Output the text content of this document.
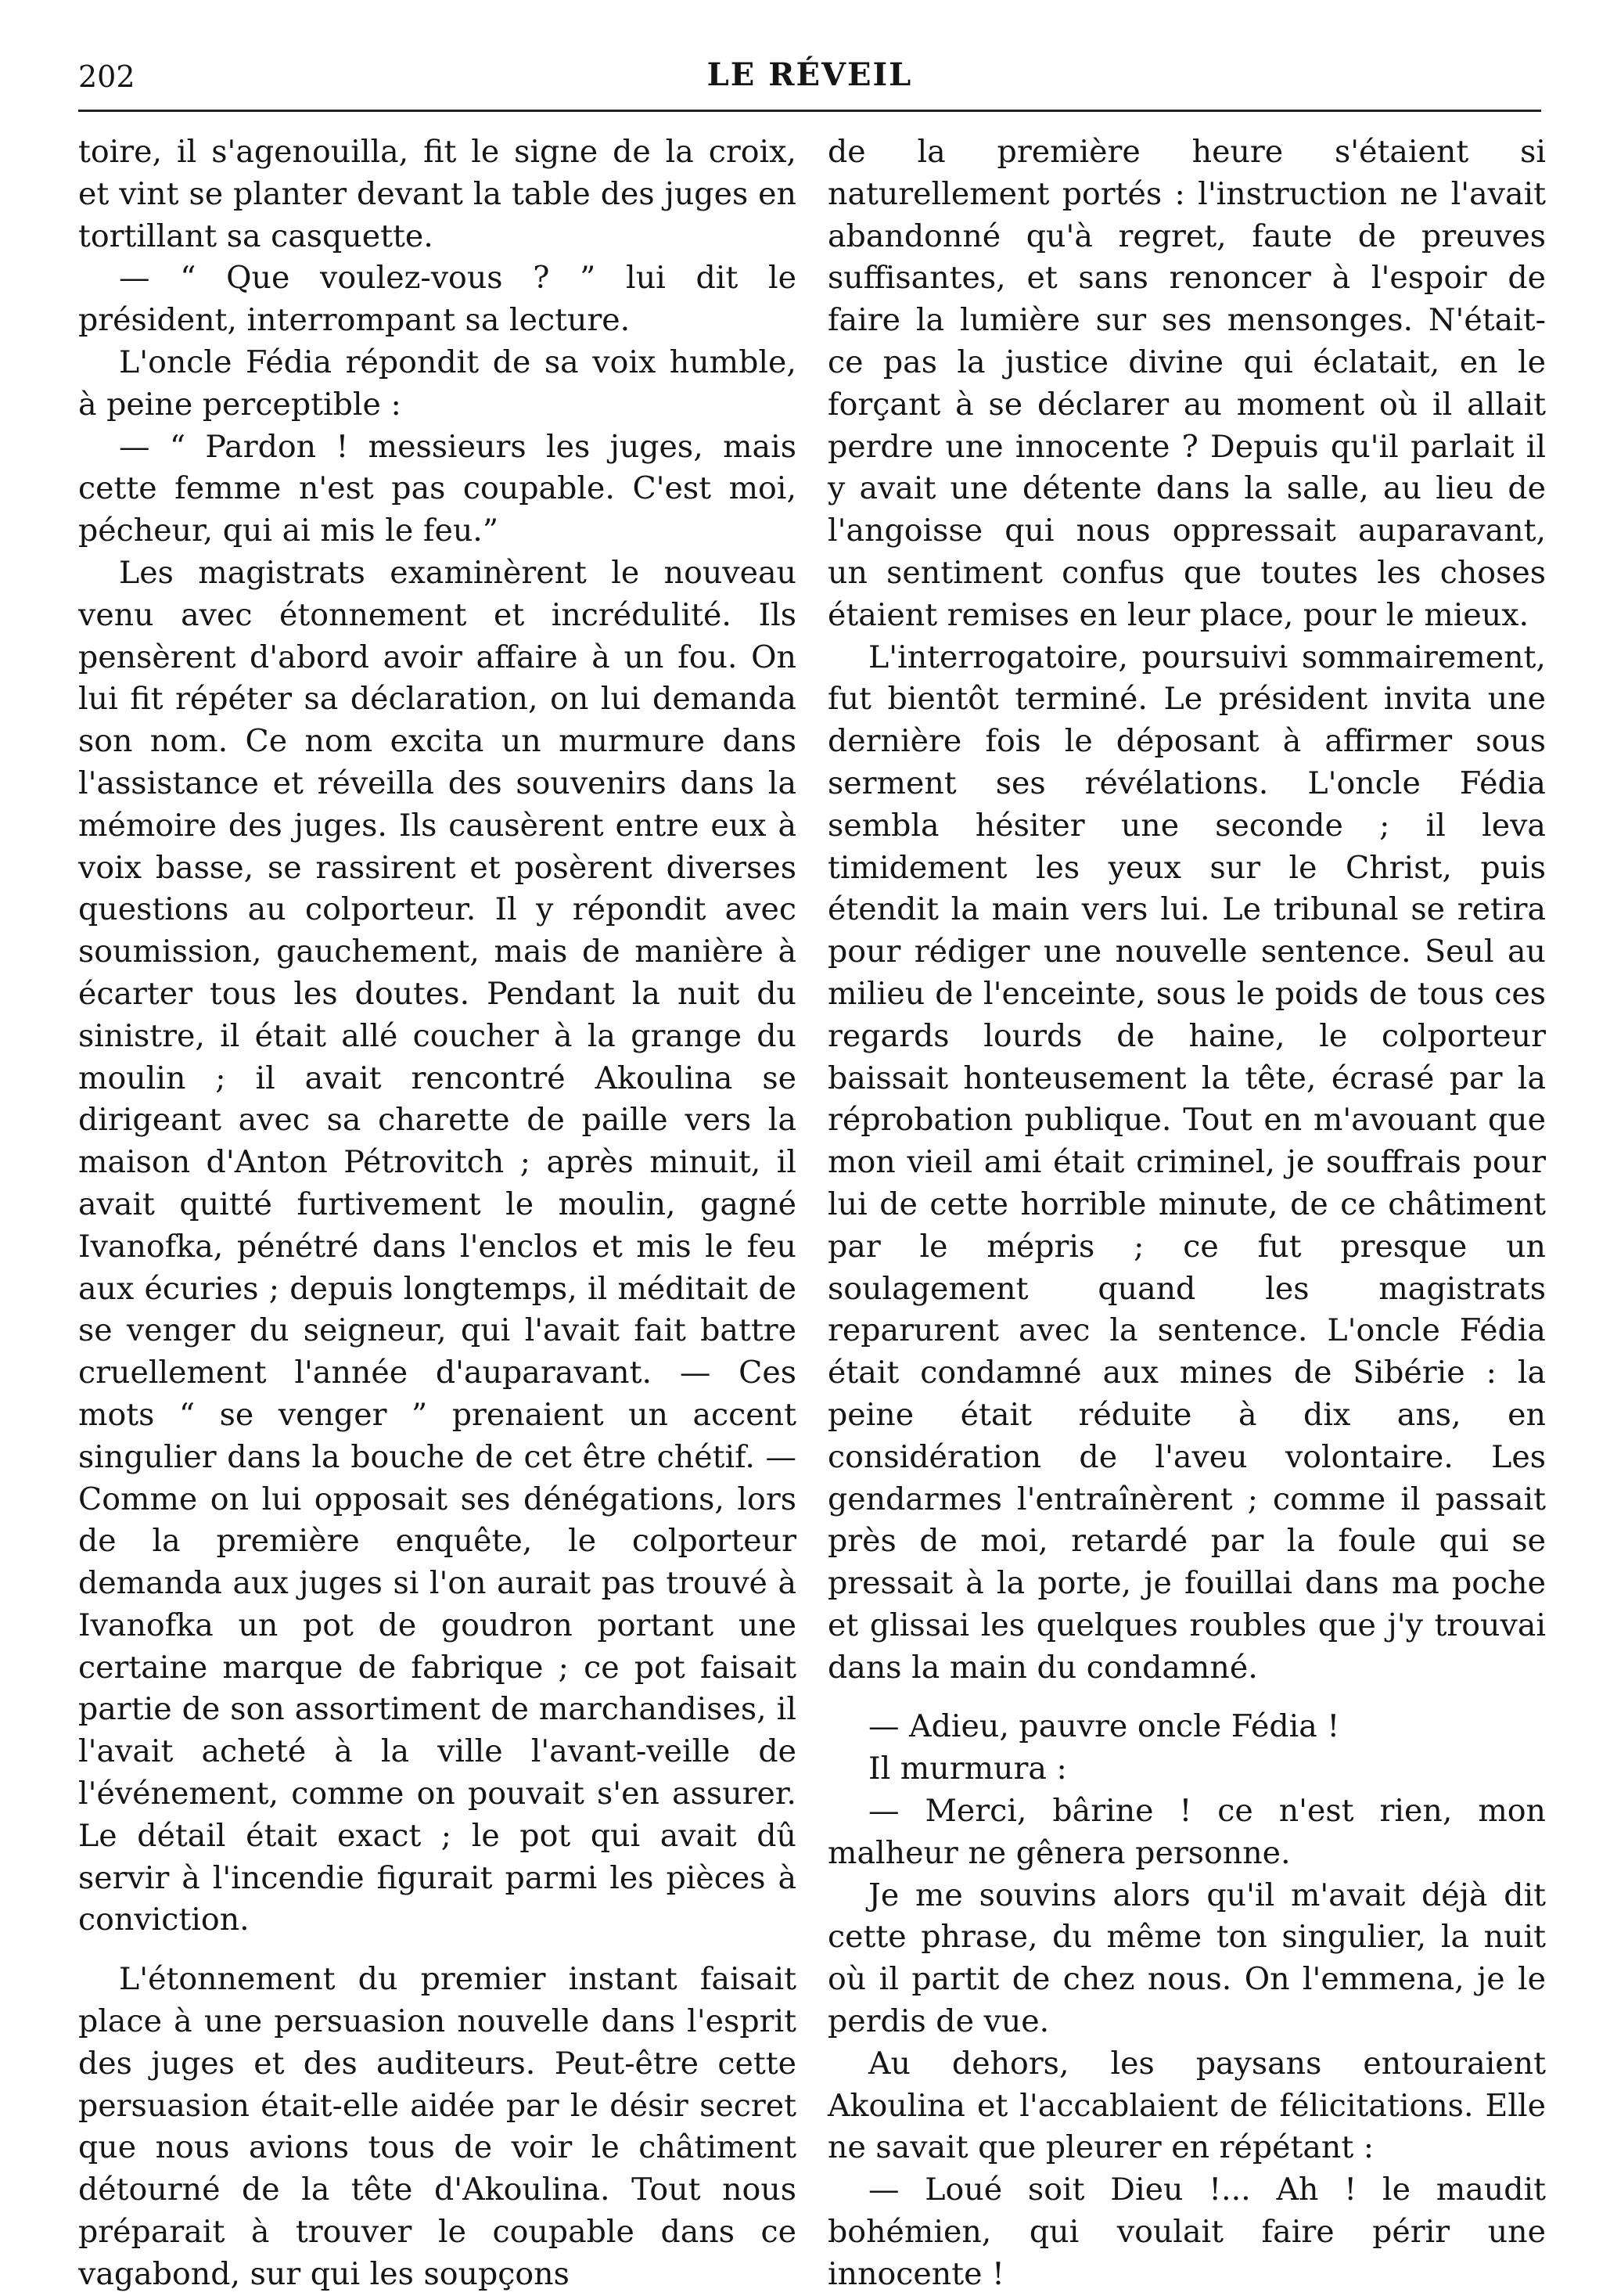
202	LE RÉVEIL

toire, il s'agenouilla, fit le signe de la croix, et vint se planter devant la table des juges en tortillant sa casquette.

— “ Que voulez-vous ? ” lui dit le président, interrompant sa lecture.

L'oncle Fédia répondit de sa voix humble, à peine perceptible :

— “ Pardon ! messieurs les juges, mais cette femme n'est pas coupable. C'est moi, pécheur, qui ai mis le feu.”

Les magistrats examinèrent le nouveau venu avec étonnement et incrédulité. Ils pensèrent d'abord avoir affaire à un fou. On lui fit répéter sa déclaration, on lui demanda son nom. Ce nom excita un murmure dans l'assistance et réveilla des souvenirs dans la mémoire des juges. Ils causèrent entre eux à voix basse, se rassirent et posèrent diverses questions au colporteur. Il y répondit avec soumission, gauchement, mais de manière à écarter tous les doutes. Pendant la nuit du sinistre, il était allé coucher à la grange du moulin ; il avait rencontré Akoulina se dirigeant avec sa charette de paille vers la maison d'Anton Pétrovitch ; après minuit, il avait quitté furtivement le moulin, gagné Ivanofka, pénétré dans l'enclos et mis le feu aux écuries ; depuis longtemps, il méditait de se venger du seigneur, qui l'avait fait battre cruellement l'année d'auparavant. — Ces mots “ se venger ” prenaient un accent singulier dans la bouche de cet être chétif. — Comme on lui opposait ses dénégations, lors de la première enquête, le colporteur demanda aux juges si l'on aurait pas trouvé à Ivanofka un pot de goudron portant une certaine marque de fabrique ; ce pot faisait partie de son assortiment de marchandises, il l'avait acheté à la ville l'avant-veille de l'événement, comme on pouvait s'en assurer. Le détail était exact ; le pot qui avait dû servir à l'incendie figurait parmi les pièces à conviction.

L'étonnement du premier instant faisait place à une persuasion nouvelle dans l'esprit des juges et des auditeurs. Peut-être cette persuasion était-elle aidée par le désir secret que nous avions tous de voir le châtiment détourné de la tête d'Akoulina. Tout nous préparait à trouver le coupable dans ce vagabond, sur qui les soupçons

de la première heure s'étaient si naturellement portés : l'instruction ne l'avait abandonné qu'à regret, faute de preuves suffisantes, et sans renoncer à l'espoir de faire la lumière sur ses mensonges. N'était-ce pas la justice divine qui éclatait, en le forçant à se déclarer au moment où il allait perdre une innocente ? Depuis qu'il parlait il y avait une détente dans la salle, au lieu de l'angoisse qui nous oppressait auparavant, un sentiment confus que toutes les choses étaient remises en leur place, pour le mieux.

L'interrogatoire, poursuivi sommairement, fut bientôt terminé. Le président invita une dernière fois le déposant à affirmer sous serment ses révélations. L'oncle Fédia sembla hésiter une seconde ; il leva timidement les yeux sur le Christ, puis étendit la main vers lui. Le tribunal se retira pour rédiger une nouvelle sentence. Seul au milieu de l'enceinte, sous le poids de tous ces regards lourds de haine, le colporteur baissait honteusement la tête, écrasé par la réprobation publique. Tout en m'avouant que mon vieil ami était criminel, je souffrais pour lui de cette horrible minute, de ce châtiment par le mépris ; ce fut presque un soulagement quand les magistrats reparurent avec la sentence. L'oncle Fédia était condamné aux mines de Sibérie : la peine était réduite à dix ans, en considération de l'aveu volontaire. Les gendarmes l'entraînèrent ; comme il passait près de moi, retardé par la foule qui se pressait à la porte, je fouillai dans ma poche et glissai les quelques roubles que j'y trouvai dans la main du condamné.

— Adieu, pauvre oncle Fédia !

Il murmura :

— Merci, bârine ! ce n'est rien, mon malheur ne gênera personne.

Je me souvins alors qu'il m'avait déjà dit cette phrase, du même ton singulier, la nuit où il partit de chez nous. On l'emmena, je le perdis de vue.

Au dehors, les paysans entouraient Akoulina et l'accablaient de félicitations. Elle ne savait que pleurer en répétant :

— Loué soit Dieu !... Ah ! le maudit bohémien, qui voulait faire périr une innocente !
